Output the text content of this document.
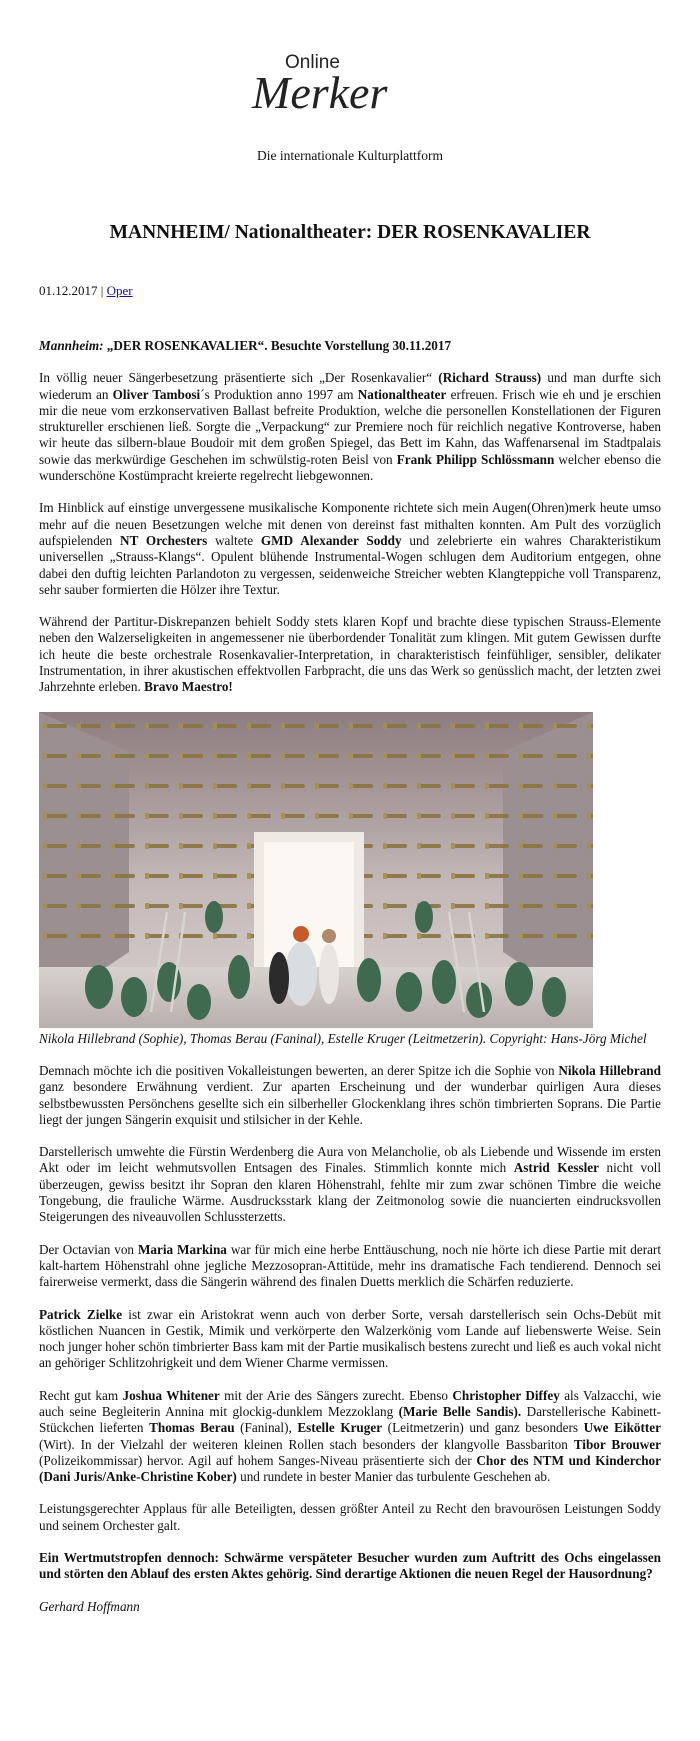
Online
Merker
Die internationale Kulturplattform
MANNHEIM/ Nationaltheater: DER ROSENKAVALIER
01.12.2017 | Oper

Mannheim: „DER ROSENKAVALIER“. Besuchte Vorstellung 30.11.2017

In völlig neuer Sängerbesetzung präsentierte sich „Der Rosenkavalier“ (Richard Strauss) und man durfte sich wiederum an Oliver Tambosi´s Produktion anno 1997 am Nationaltheater erfreuen. Frisch wie eh und je erschien mir die neue vom erzkonservativen Ballast befreite Produktion, welche die personellen Konstellationen der Figuren struktureller erschienen ließ. Sorgte die „Verpackung“ zur Premiere noch für reichlich negative Kontroverse, haben wir heute das silbern-blaue Boudoir mit dem großen Spiegel, das Bett im Kahn, das Waffenarsenal im Stadtpalais sowie das merkwürdige Geschehen im schwülstig-roten Beisl von Frank Philipp Schlössmann welcher ebenso die wunderschöne Kostümpracht kreierte regelrecht liebgewonnen.

Im Hinblick auf einstige unvergessene musikalische Komponente richtete sich mein Augen(Ohren)merk heute umso mehr auf die neuen Besetzungen welche mit denen von dereinst fast mithalten konnten. Am Pult des vorzüglich aufspielenden NT Orchesters waltete GMD Alexander Soddy und zelebrierte ein wahres Charakteristikum universellen „Strauss-Klangs“. Opulent blühende Instrumental-Wogen schlugen dem Auditorium entgegen, ohne dabei den duftig leichten Parlandoton zu vergessen, seidenweiche Streicher webten Klangteppiche voll Transparenz, sehr sauber formierten die Hölzer ihre Textur.

Während der Partitur-Diskrepanzen behielt Soddy stets klaren Kopf und brachte diese typischen Strauss-Elemente neben den Walzerseligkeiten in angemessener nie überbordender Tonalität zum klingen. Mit gutem Gewissen durfte ich heute die beste orchestrale Rosenkavalier-Interpretation, in charakteristisch feinfühliger, sensibler, delikater Instrumentation, in ihrer akustischen effektvollen Farbpracht, die uns das Werk so genüsslich macht, der letzten zwei Jahrzehnte erleben. Bravo Maestro!

Nikola Hillebrand (Sophie), Thomas Berau (Faninal), Estelle Kruger (Leitmetzerin). Copyright: Hans-Jörg Michel

Demnach möchte ich die positiven Vokalleistungen bewerten, an derer Spitze ich die Sophie von Nikola Hillebrand ganz besondere Erwähnung verdient. Zur aparten Erscheinung und der wunderbar quirligen Aura dieses selbstbewussten Persönchens gesellte sich ein silberheller Glockenklang ihres schön timbrierten Soprans. Die Partie liegt der jungen Sängerin exquisit und stilsicher in der Kehle.

Darstellerisch umwehte die Fürstin Werdenberg die Aura von Melancholie, ob als Liebende und Wissende im ersten Akt oder im leicht wehmutsvollen Entsagen des Finales. Stimmlich konnte mich Astrid Kessler nicht voll überzeugen, gewiss besitzt ihr Sopran den klaren Höhenstrahl, fehlte mir zum zwar schönen Timbre die weiche Tongebung, die frauliche Wärme. Ausdrucksstark klang der Zeitmonolog sowie die nuancierten eindrucksvollen Steigerungen des niveauvollen Schlussterzetts.

Der Octavian von Maria Markina war für mich eine herbe Enttäuschung, noch nie hörte ich diese Partie mit derart kalt-hartem Höhenstrahl ohne jegliche Mezzosopran-Attitüde, mehr ins dramatische Fach tendierend. Dennoch sei fairerweise vermerkt, dass die Sängerin während des finalen Duetts merklich die Schärfen reduzierte.

Patrick Zielke ist zwar ein Aristokrat wenn auch von derber Sorte, versah darstellerisch sein Ochs-Debüt mit köstlichen Nuancen in Gestik, Mimik und verkörperte den Walzerkönig vom Lande auf liebenswerte Weise. Sein noch junger hoher schön timbrierter Bass kam mit der Partie musikalisch bestens zurecht und ließ es auch vokal nicht an gehöriger Schlitzohrigkeit und dem Wiener Charme vermissen.

Recht gut kam Joshua Whitener mit der Arie des Sängers zurecht. Ebenso Christopher Diffey als Valzacchi, wie auch seine Begleiterin Annina mit glockig-dunklem Mezzoklang (Marie Belle Sandis). Darstellerische Kabinett-Stückchen lieferten Thomas Berau (Faninal), Estelle Kruger (Leitmetzerin) und ganz besonders Uwe Eikötter (Wirt). In der Vielzahl der weiteren kleinen Rollen stach besonders der klangvolle Bassbariton Tibor Brouwer (Polizeikommissar) hervor. Agil auf hohem Sanges-Niveau präsentierte sich der Chor des NTM und Kinderchor (Dani Juris/Anke-Christine Kober) und rundete in bester Manier das turbulente Geschehen ab.

Leistungsgerechter Applaus für alle Beteiligten, dessen größter Anteil zu Recht den bravourösen Leistungen Soddy und seinem Orchester galt.

Ein Wertmutstropfen dennoch: Schwärme verspäteter Besucher wurden zum Auftritt des Ochs eingelassen und störten den Ablauf des ersten Aktes gehörig. Sind derartige Aktionen die neuen Regel der Hausordnung?

Gerhard Hoffmann
